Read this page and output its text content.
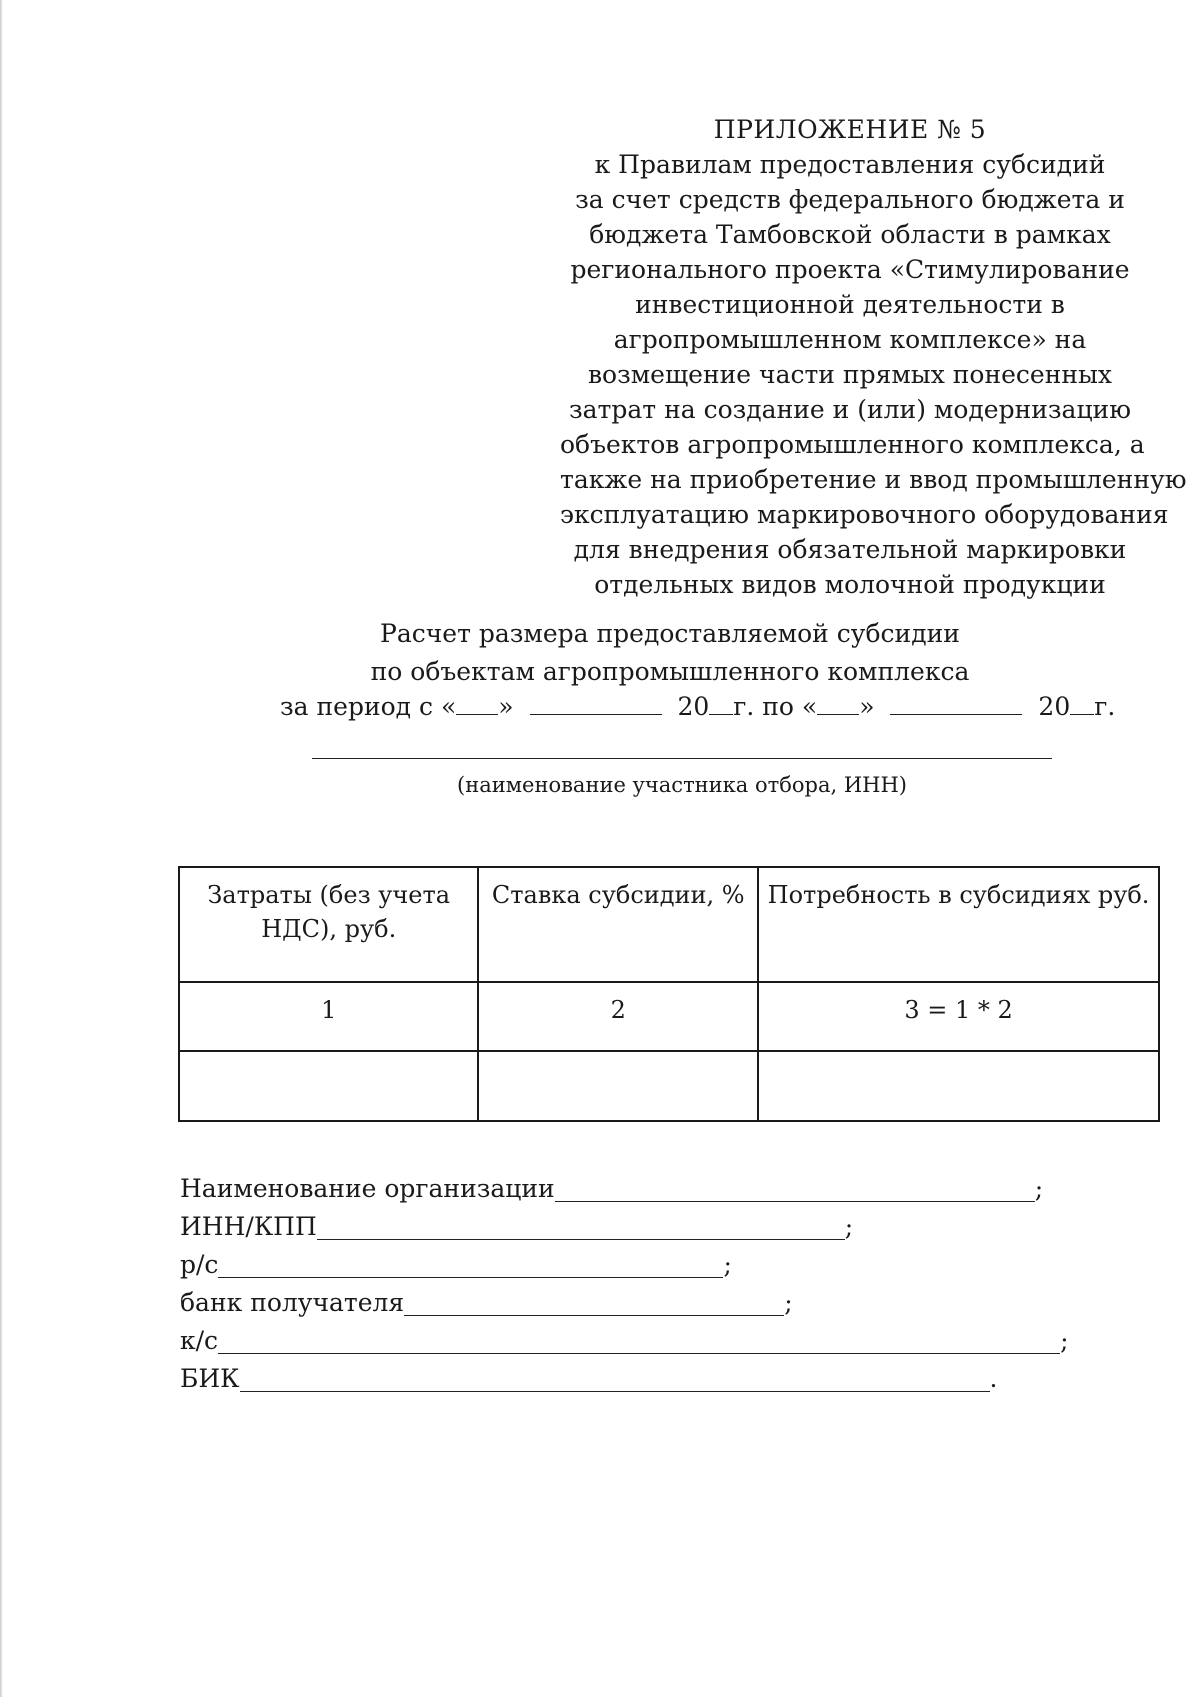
ПРИЛОЖЕНИЕ № 5
к Правилам предоставления субсидий
за счет средств федерального бюджета и
бюджета Тамбовской области в рамках
регионального проекта «Стимулирование
инвестиционной деятельности в
агропромышленном комплексе» на
возмещение части прямых понесенных
затрат на создание и (или) модернизацию
объектов агропромышленного комплекса, а
также на приобретение и ввод промышленную
эксплуатацию маркировочного оборудования
для внедрения обязательной маркировки
отдельных видов молочной продукции
Расчет размера предоставляемой субсидии
по объектам агропромышленного комплекса
за период с « »	20г. по « »	20г.
(наименование участника отбора, ИНН)
Затраты (без учета НДС), руб.	Ставка субсидии, %	Потребность в субсидиях руб.
1	2	3 = 1 * 2

Наименование организации	;
ИНН/КПП	;
р/с	;
банк получателя	;
к/с	;
БИК	.
